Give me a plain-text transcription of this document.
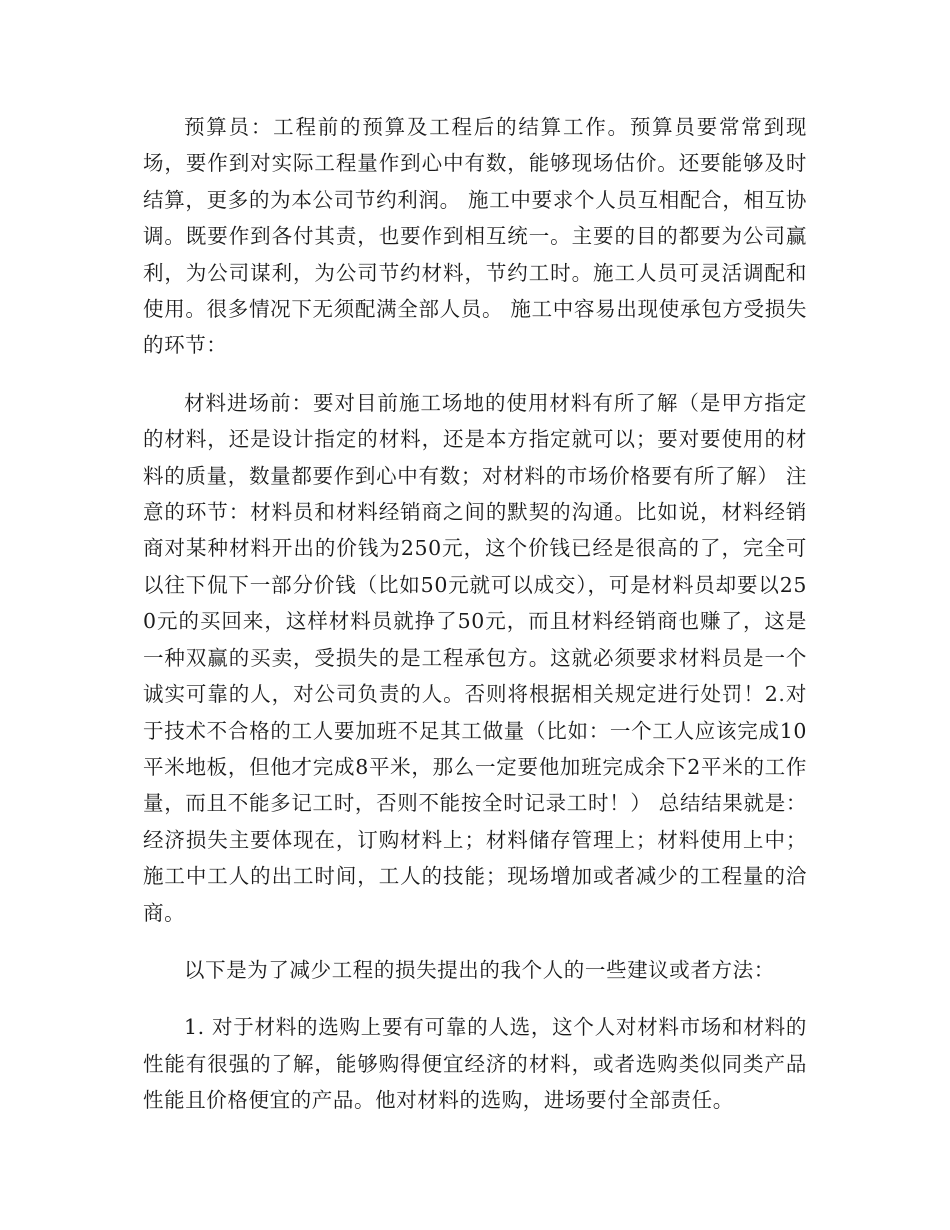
预算员：工程前的预算及工程后的结算工作。预算员要常常到现场，要作到对实际工程量作到心中有数，能够现场估价。还要能够及时结算，更多的为本公司节约利润。 施工中要求个人员互相配合，相互协调。既要作到各付其责，也要作到相互统一。主要的目的都要为公司赢利，为公司谋利，为公司节约材料，节约工时。施工人员可灵活调配和使用。很多情况下无须配满全部人员。 施工中容易出现使承包方受损失的环节：

材料进场前：要对目前施工场地的使用材料有所了解（是甲方指定的材料，还是设计指定的材料，还是本方指定就可以；要对要使用的材料的质量，数量都要作到心中有数；对材料的市场价格要有所了解） 注意的环节：材料员和材料经销商之间的默契的沟通。比如说，材料经销商对某种材料开出的价钱为250元，这个价钱已经是很高的了，完全可以往下侃下一部分价钱（比如50元就可以成交），可是材料员却要以250元的买回来，这样材料员就挣了50元，而且材料经销商也赚了，这是一种双赢的买卖，受损失的是工程承包方。这就必须要求材料员是一个诚实可靠的人，对公司负责的人。否则将根据相关规定进行处罚！2.对于技术不合格的工人要加班不足其工做量（比如：一个工人应该完成10平米地板，但他才完成8平米，那么一定要他加班完成余下2平米的工作量，而且不能多记工时，否则不能按全时记录工时！） 总结结果就是：经济损失主要体现在，订购材料上；材料储存管理上；材料使用上中；施工中工人的出工时间，工人的技能；现场增加或者减少的工程量的洽商。

以下是为了减少工程的损失提出的我个人的一些建议或者方法：

1. 对于材料的选购上要有可靠的人选，这个人对材料市场和材料的性能有很强的了解，能够购得便宜经济的材料，或者选购类似同类产品性能且价格便宜的产品。他对材料的选购，进场要付全部责任。
